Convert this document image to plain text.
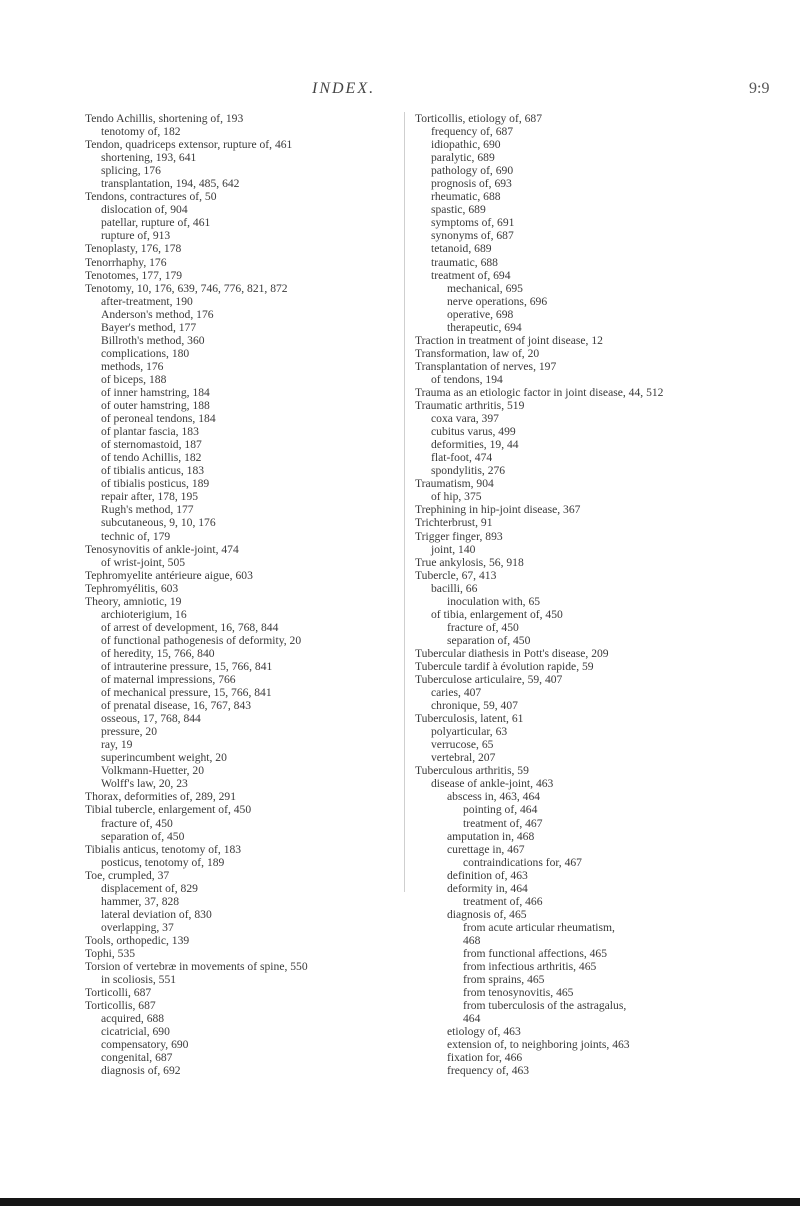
INDEX.	9:9
Tendo Achillis, shortening of, 193
tenotomy of, 182
Tendon, quadriceps extensor, rupture of, 461
shortening, 193, 641
splicing, 176
transplantation, 194, 485, 642
Tendons, contractures of, 50
dislocation of, 904
patellar, rupture of, 461
rupture of, 913
Tenoplasty, 176, 178
Tenorrhaphy, 176
Tenotomes, 177, 179
Tenotomy, 10, 176, 639, 746, 776, 821, 872
after-treatment, 190
Anderson's method, 176
Bayer's method, 177
Billroth's method, 360
complications, 180
methods, 176
of biceps, 188
of inner hamstring, 184
of outer hamstring, 188
of peroneal tendons, 184
of plantar fascia, 183
of sternomastoid, 187
of tendo Achillis, 182
of tibialis anticus, 183
of tibialis posticus, 189
repair after, 178, 195
Rugh's method, 177
subcutaneous, 9, 10, 176
technic of, 179
Tenosynovitis of ankle-joint, 474
of wrist-joint, 505
Tephromyelite antérieure aigue, 603
Tephromyélitis, 603
Theory, amniotic, 19
archioterigium, 16
of arrest of development, 16, 768, 844
of functional pathogenesis of deformity, 20
of heredity, 15, 766, 840
of intrauterine pressure, 15, 766, 841
of maternal impressions, 766
of mechanical pressure, 15, 766, 841
of prenatal disease, 16, 767, 843
osseous, 17, 768, 844
pressure, 20
ray, 19
superincumbent weight, 20
Volkmann-Huetter, 20
Wolff's law, 20, 23
Thorax, deformities of, 289, 291
Tibial tubercle, enlargement of, 450
fracture of, 450
separation of, 450
Tibialis anticus, tenotomy of, 183
posticus, tenotomy of, 189
Toe, crumpled, 37
displacement of, 829
hammer, 37, 828
lateral deviation of, 830
overlapping, 37
Tools, orthopedic, 139
Tophi, 535
Torsion of vertebræ in movements of spine, 550
in scoliosis, 551
Torticolli, 687
Torticollis, 687
acquired, 688
cicatricial, 690
compensatory, 690
congenital, 687
diagnosis of, 692
Torticollis, etiology of, 687
frequency of, 687
idiopathic, 690
paralytic, 689
pathology of, 690
prognosis of, 693
rheumatic, 688
spastic, 689
symptoms of, 691
synonyms of, 687
tetanoid, 689
traumatic, 688
treatment of, 694
mechanical, 695
nerve operations, 696
operative, 698
therapeutic, 694
Traction in treatment of joint disease, 12
Transformation, law of, 20
Transplantation of nerves, 197
of tendons, 194
Trauma as an etiologic factor in joint disease, 44, 512
Traumatic arthritis, 519
coxa vara, 397
cubitus varus, 499
deformities, 19, 44
flat-foot, 474
spondylitis, 276
Traumatism, 904
of hip, 375
Trephining in hip-joint disease, 367
Trichterbrust, 91
Trigger finger, 893
joint, 140
True ankylosis, 56, 918
Tubercle, 67, 413
bacilli, 66
inoculation with, 65
of tibia, enlargement of, 450
fracture of, 450
separation of, 450
Tubercular diathesis in Pott's disease, 209
Tubercule tardif à évolution rapide, 59
Tuberculose articulaire, 59, 407
caries, 407
chronique, 59, 407
Tuberculosis, latent, 61
polyarticular, 63
verrucose, 65
vertebral, 207
Tuberculous arthritis, 59
disease of ankle-joint, 463
abscess in, 463, 464
pointing of, 464
treatment of, 467
amputation in, 468
curettage in, 467
contraindications for, 467
definition of, 463
deformity in, 464
treatment of, 466
diagnosis of, 465
from acute articular rheumatism,
468
from functional affections, 465
from infectious arthritis, 465
from sprains, 465
from tenosynovitis, 465
from tuberculosis of the astragalus,
464
etiology of, 463
extension of, to neighboring joints, 463
fixation for, 466
frequency of, 463
